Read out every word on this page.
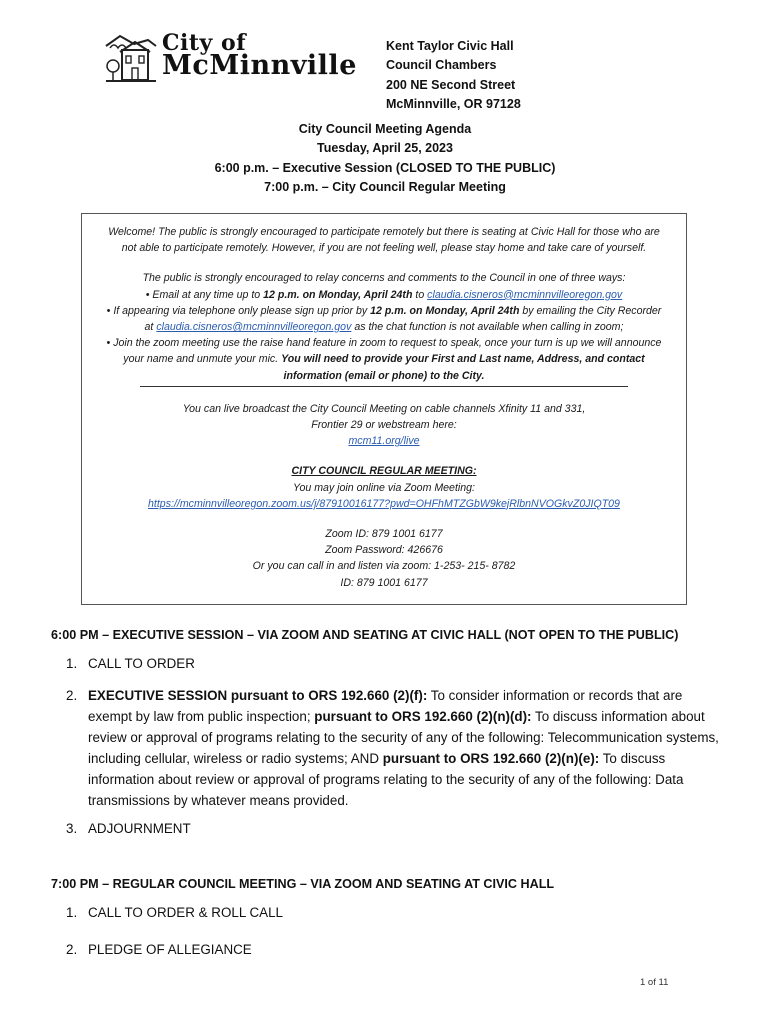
City of
McMinnville
Kent Taylor Civic Hall
Council Chambers
200 NE Second Street
McMinnville, OR 97128
City Council Meeting Agenda
Tuesday, April 25, 2023
6:00 p.m. – Executive Session (CLOSED TO THE PUBLIC)
7:00 p.m. – City Council Regular Meeting

Welcome! The public is strongly encouraged to participate remotely but there is seating at Civic Hall for those who are

not able to participate remotely. However, if you are not feeling well, please stay home and take care of yourself.

The public is strongly encouraged to relay concerns and comments to the Council in one of three ways:

• Email at any time up to 12 p.m. on Monday, April 24th to claudia.cisneros@mcminnvilleoregon.gov

• If appearing via telephone only please sign up prior by 12 p.m. on Monday, April 24th by emailing the City Recorder

at claudia.cisneros@mcminnvilleoregon.gov as the chat function is not available when calling in zoom;

• Join the zoom meeting use the raise hand feature in zoom to request to speak, once your turn is up we will announce

your name and unmute your mic. You will need to provide your First and Last name, Address, and contact

information (email or phone) to the City.

You can live broadcast the City Council Meeting on cable channels Xfinity 11 and 331,

Frontier 29 or webstream here:

mcm11.org/live

CITY COUNCIL REGULAR MEETING:

You may join online via Zoom Meeting:

https://mcminnvilleoregon.zoom.us/j/87910016177?pwd=OHFhMTZGbW9kejRlbnNVOGkvZ0JIQT09

Zoom ID: 879 1001 6177

Zoom Password: 426676

Or you can call in and listen via zoom: 1-253- 215- 8782

ID: 879 1001 6177

6:00 PM – EXECUTIVE SESSION – VIA ZOOM AND SEATING AT CIVIC HALL (NOT OPEN TO THE PUBLIC)
1. CALL TO ORDER
2. EXECUTIVE SESSION pursuant to ORS 192.660 (2)(f): To consider information or records that are exempt by law from public inspection; pursuant to ORS 192.660 (2)(n)(d): To discuss information about review or approval of programs relating to the security of any of the following: Telecommunication systems, including cellular, wireless or radio systems; AND pursuant to ORS 192.660 (2)(n)(e): To discuss information about review or approval of programs relating to the security of any of the following: Data transmissions by whatever means provided.
3. ADJOURNMENT
7:00 PM – REGULAR COUNCIL MEETING – VIA ZOOM AND SEATING AT CIVIC HALL
1. CALL TO ORDER & ROLL CALL
2. PLEDGE OF ALLEGIANCE
1 of 11
